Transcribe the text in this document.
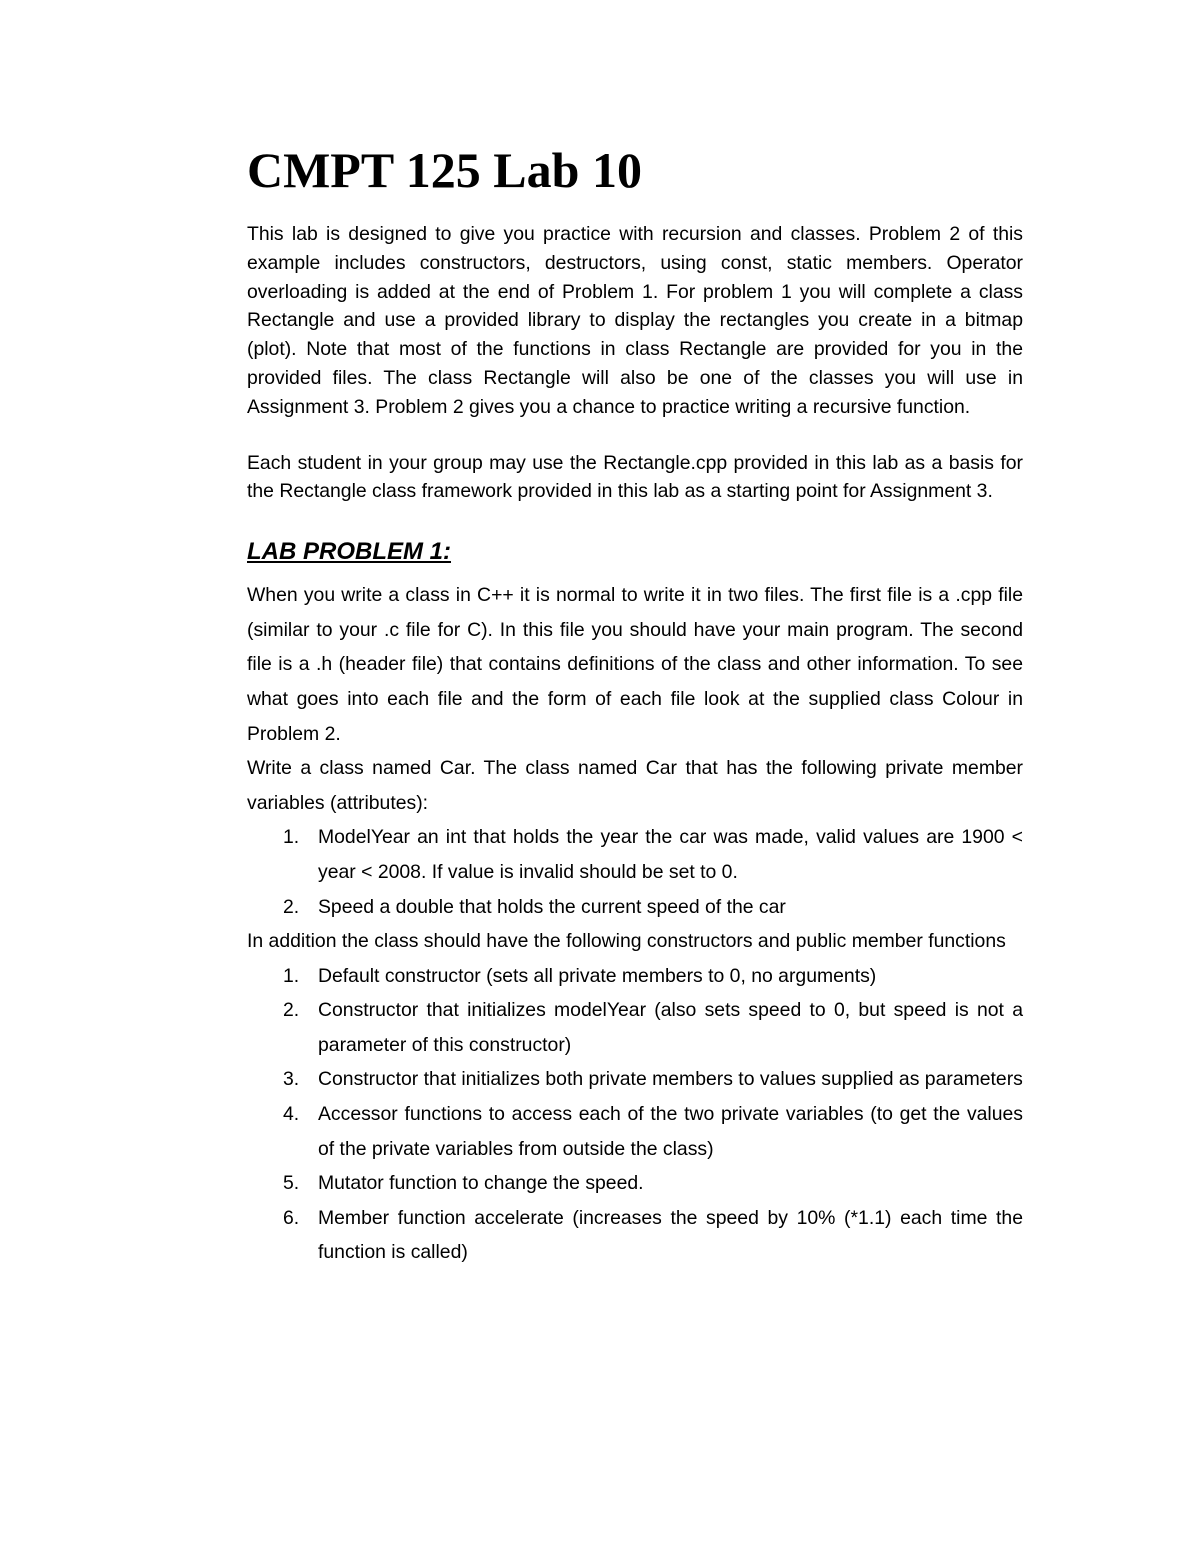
CMPT 125 Lab 10

This lab is designed to give you practice with recursion and classes. Problem 2 of this example includes constructors, destructors, using const, static members. Operator overloading is added at the end of Problem 1. For problem 1 you will complete a class Rectangle and use a provided library to display the rectangles you create in a bitmap (plot). Note that most of the functions in class Rectangle are provided for you in the provided files. The class Rectangle will also be one of the classes you will use in Assignment 3. Problem 2 gives you a chance to practice writing a recursive function.

Each student in your group may use the Rectangle.cpp provided in this lab as a basis for the Rectangle class framework provided in this lab as a starting point for Assignment 3.

LAB PROBLEM 1:

When you write a class in C++ it is normal to write it in two files. The first file is a .cpp file (similar to your .c file for C). In this file you should have your main program. The second file is a .h (header file) that contains definitions of the class and other information. To see what goes into each file and the form of each file look at the supplied class Colour in Problem 2.

Write a class named Car. The class named Car that has the following private member variables (attributes):

1. ModelYear an int that holds the year the car was made, valid values are 1900 < year < 2008. If value is invalid should be set to 0.
2. Speed a double that holds the current speed of the car

In addition the class should have the following constructors and public member functions

1. Default constructor (sets all private members to 0, no arguments)
2. Constructor that initializes modelYear (also sets speed to 0, but speed is not a parameter of this constructor)
3. Constructor that initializes both private members to values supplied as parameters
4. Accessor functions to access each of the two private variables (to get the values of the private variables from outside the class)
5. Mutator function to change the speed.
6. Member function accelerate (increases the speed by 10% (*1.1) each time the function is called)
